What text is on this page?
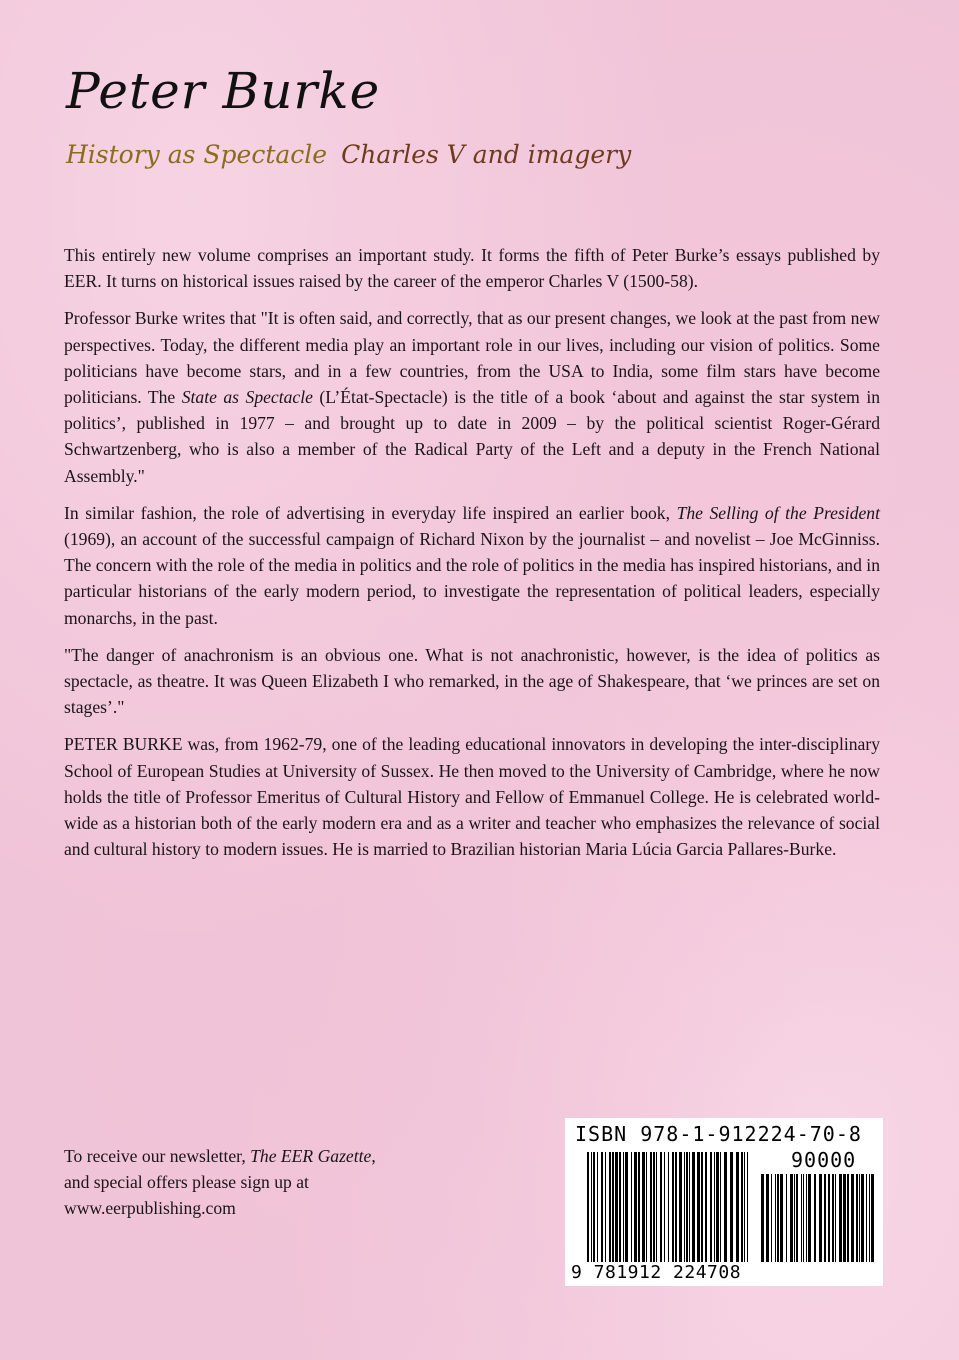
Peter Burke
History as Spectacle Charles V and imagery

This entirely new volume comprises an important study. It forms the fifth of Peter Burke’s essays published by EER. It turns on historical issues raised by the career of the emperor Charles V (1500-58).

Professor Burke writes that "It is often said, and correctly, that as our present changes, we look at the past from new perspectives. Today, the different media play an important role in our lives, including our vision of politics. Some politicians have become stars, and in a few countries, from the USA to India, some film stars have become politicians. The State as Spectacle (L’État-Spectacle) is the title of a book ‘about and against the star system in politics’, published in 1977 – and brought up to date in 2009 – by the political scientist Roger-Gérard Schwartzenberg, who is also a member of the Radical Party of the Left and a deputy in the French National Assembly."

In similar fashion, the role of advertising in everyday life inspired an earlier book, The Selling of the President (1969), an account of the successful campaign of Richard Nixon by the journalist – and novelist – Joe McGinniss. The concern with the role of the media in politics and the role of politics in the media has inspired historians, and in particular historians of the early modern period, to investigate the representation of political leaders, especially monarchs, in the past.

"The danger of anachronism is an obvious one. What is not anachronistic, however, is the idea of politics as spectacle, as theatre. It was Queen Elizabeth I who remarked, in the age of Shakespeare, that ‘we princes are set on stages’."

PETER BURKE was, from 1962-79, one of the leading educational innovators in developing the inter-disciplinary School of European Studies at University of Sussex. He then moved to the University of Cambridge, where he now holds the title of Professor Emeritus of Cultural History and Fellow of Emmanuel College. He is celebrated world-wide as a historian both of the early modern era and as a writer and teacher who emphasizes the relevance of social and cultural history to modern issues. He is married to Brazilian historian Maria Lúcia Garcia Pallares-Burke.

To receive our newsletter, The EER Gazette,
and special offers please sign up at
www.eerpublishing.com
ISBN 978-1-912224-70-8
90000
9 781912 224708
